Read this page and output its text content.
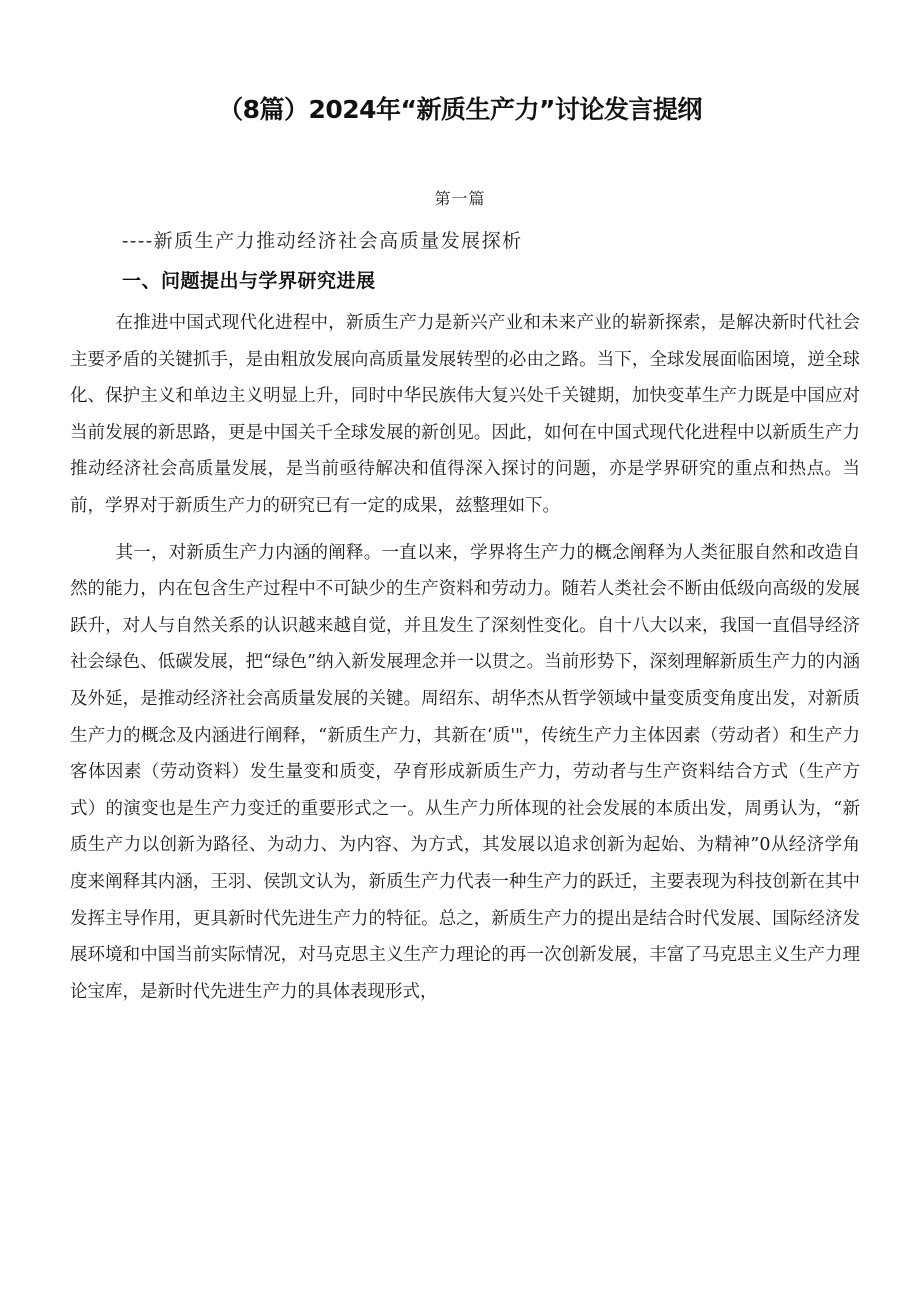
（8篇）2024年“新质生产力”讨论发言提纲
第一篇
----新质生产力推动经济社会高质量发展探析
一、问题提出与学界研究进展

在推进中国式现代化进程中，新质生产力是新兴产业和未来产业的崭新探索，是解决新时代社会主要矛盾的关键抓手，是由粗放发展向高质量发展转型的必由之路。当下，全球发展面临困境，逆全球化、保护主义和单边主义明显上升，同时中华民族伟大复兴处千关键期，加快变革生产力既是中国应对当前发展的新思路，更是中国关千全球发展的新创见。因此，如何在中国式现代化进程中以新质生产力推动经济社会高质量发展，是当前亟待解决和值得深入探讨的问题，亦是学界研究的重点和热点。当前，学界对于新质生产力的研究已有一定的成果，兹整理如下。

其一，对新质生产力内涵的阐释。一直以来，学界将生产力的概念阐释为人类征服自然和改造自然的能力，内在包含生产过程中不可缺少的生产资料和劳动力。随若人类社会不断由低级向高级的发展跃升，对人与自然关系的认识越来越自觉，并且发生了深刻性变化。自十八大以来，我国一直倡导经济社会绿色、低碳发展，把“绿色”纳入新发展理念并一以贯之。当前形势下，深刻理解新质生产力的内涵及外延，是推动经济社会高质量发展的关键。周绍东、胡华杰从哲学领域中量变质变角度出发，对新质生产力的概念及内涵进行阐释，“新质生产力，其新在‘质'"，传统生产力主体因素（劳动者）和生产力客体因素（劳动资料）发生量变和质变，孕育形成新质生产力，劳动者与生产资料结合方式（生产方式）的演变也是生产力变迁的重要形式之一。从生产力所体现的社会发展的本质出发，周勇认为，“新质生产力以创新为路径、为动力、为内容、为方式，其发展以追求创新为起始、为精神”0从经济学角度来阐释其内涵，王羽、侯凯文认为，新质生产力代表一种生产力的跃迁，主要表现为科技创新在其中发挥主导作用，更具新时代先进生产力的特征。总之，新质生产力的提出是结合时代发展、国际经济发展环境和中国当前实际情况，对马克思主义生产力理论的再一次创新发展，丰富了马克思主义生产力理论宝库，是新时代先进生产力的具体表现形式，
